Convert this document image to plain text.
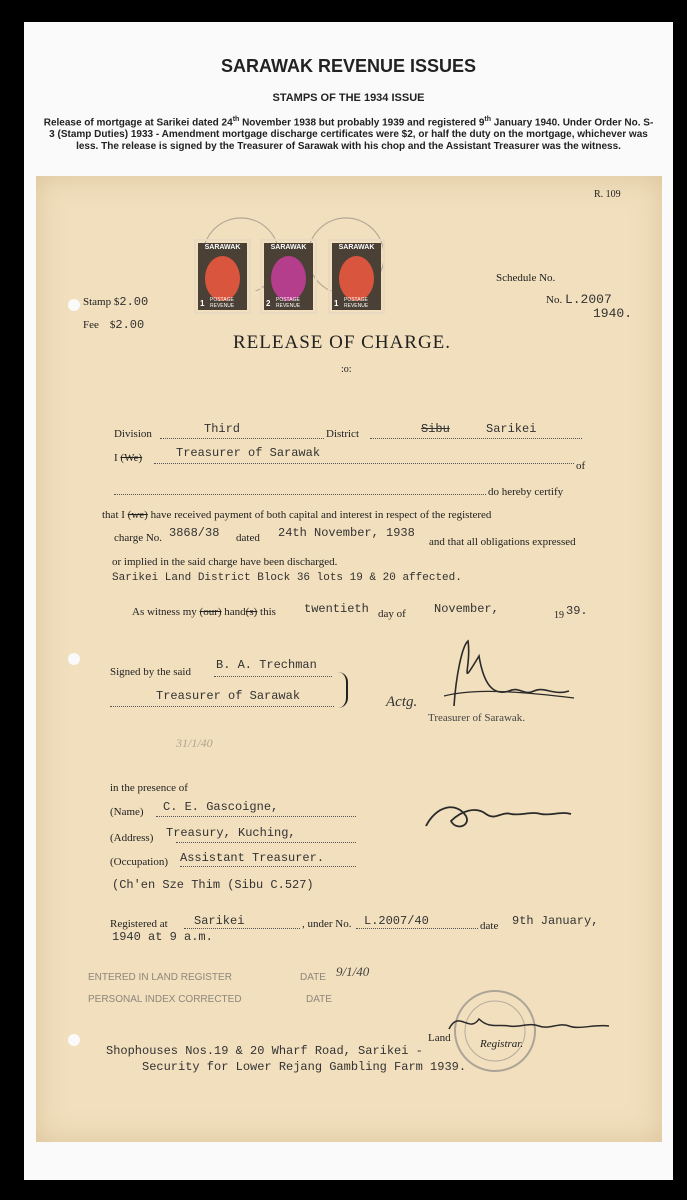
SARAWAK REVENUE ISSUES
STAMPS OF THE 1934 ISSUE
Release of mortgage at Sarikei dated 24th November 1938 but probably 1939 and registered 9th January 1940. Under Order No. S-3 (Stamp Duties) 1933 - Amendment mortgage discharge certificates were $2, or half the duty on the mortgage, whichever was less. The release is signed by the Treasurer of Sarawak with his chop and the Assistant Treasurer was the witness.
R. 109
SARAWAK
1 POSTAGE REVENUE
SARAWAK
2 POSTAGE REVENUE
SARAWAK
1 POSTAGE REVENUE
Schedule No.
No. L.2007
1940.
Stamp $2.00
Fee $2.00
RELEASE OF CHARGE.
:o:
Division	Third	District	Sibu	Sarikei
I (We)	Treasurer of Sarawak
of
do hereby certify
that I (we) have received payment of both capital and interest in respect of the registered
charge No. 3868/38 dated 24th November, 1938
and that all obligations expressed
or implied in the said charge have been discharged.
Sarikei Land District Block 36 lots 19 & 20 affected.
As witness my (our) hand(s) this twentieth day of November,	19 39.
Signed by the said B. A. Trechman
Treasurer of Sarawak	Actg.
Treasurer of Sarawak.
31/1/40
in the presence of
(Name) C. E. Gascoigne,
(Address) Treasury, Kuching,
(Occupation) Assistant Treasurer.
(Ch'en Sze Thim (Sibu C.527)
Registered at Sarikei	, under No. L.2007/40	date 9th January,
1940 at 9 a.m.
ENTERED IN LAND REGISTER	DATE 9/1/40
PERSONAL INDEX CORRECTED	DATE
Land	Registrar.
Shophouses Nos.19 & 20 Wharf Road, Sarikei -
Security for Lower Rejang Gambling Farm 1939.
